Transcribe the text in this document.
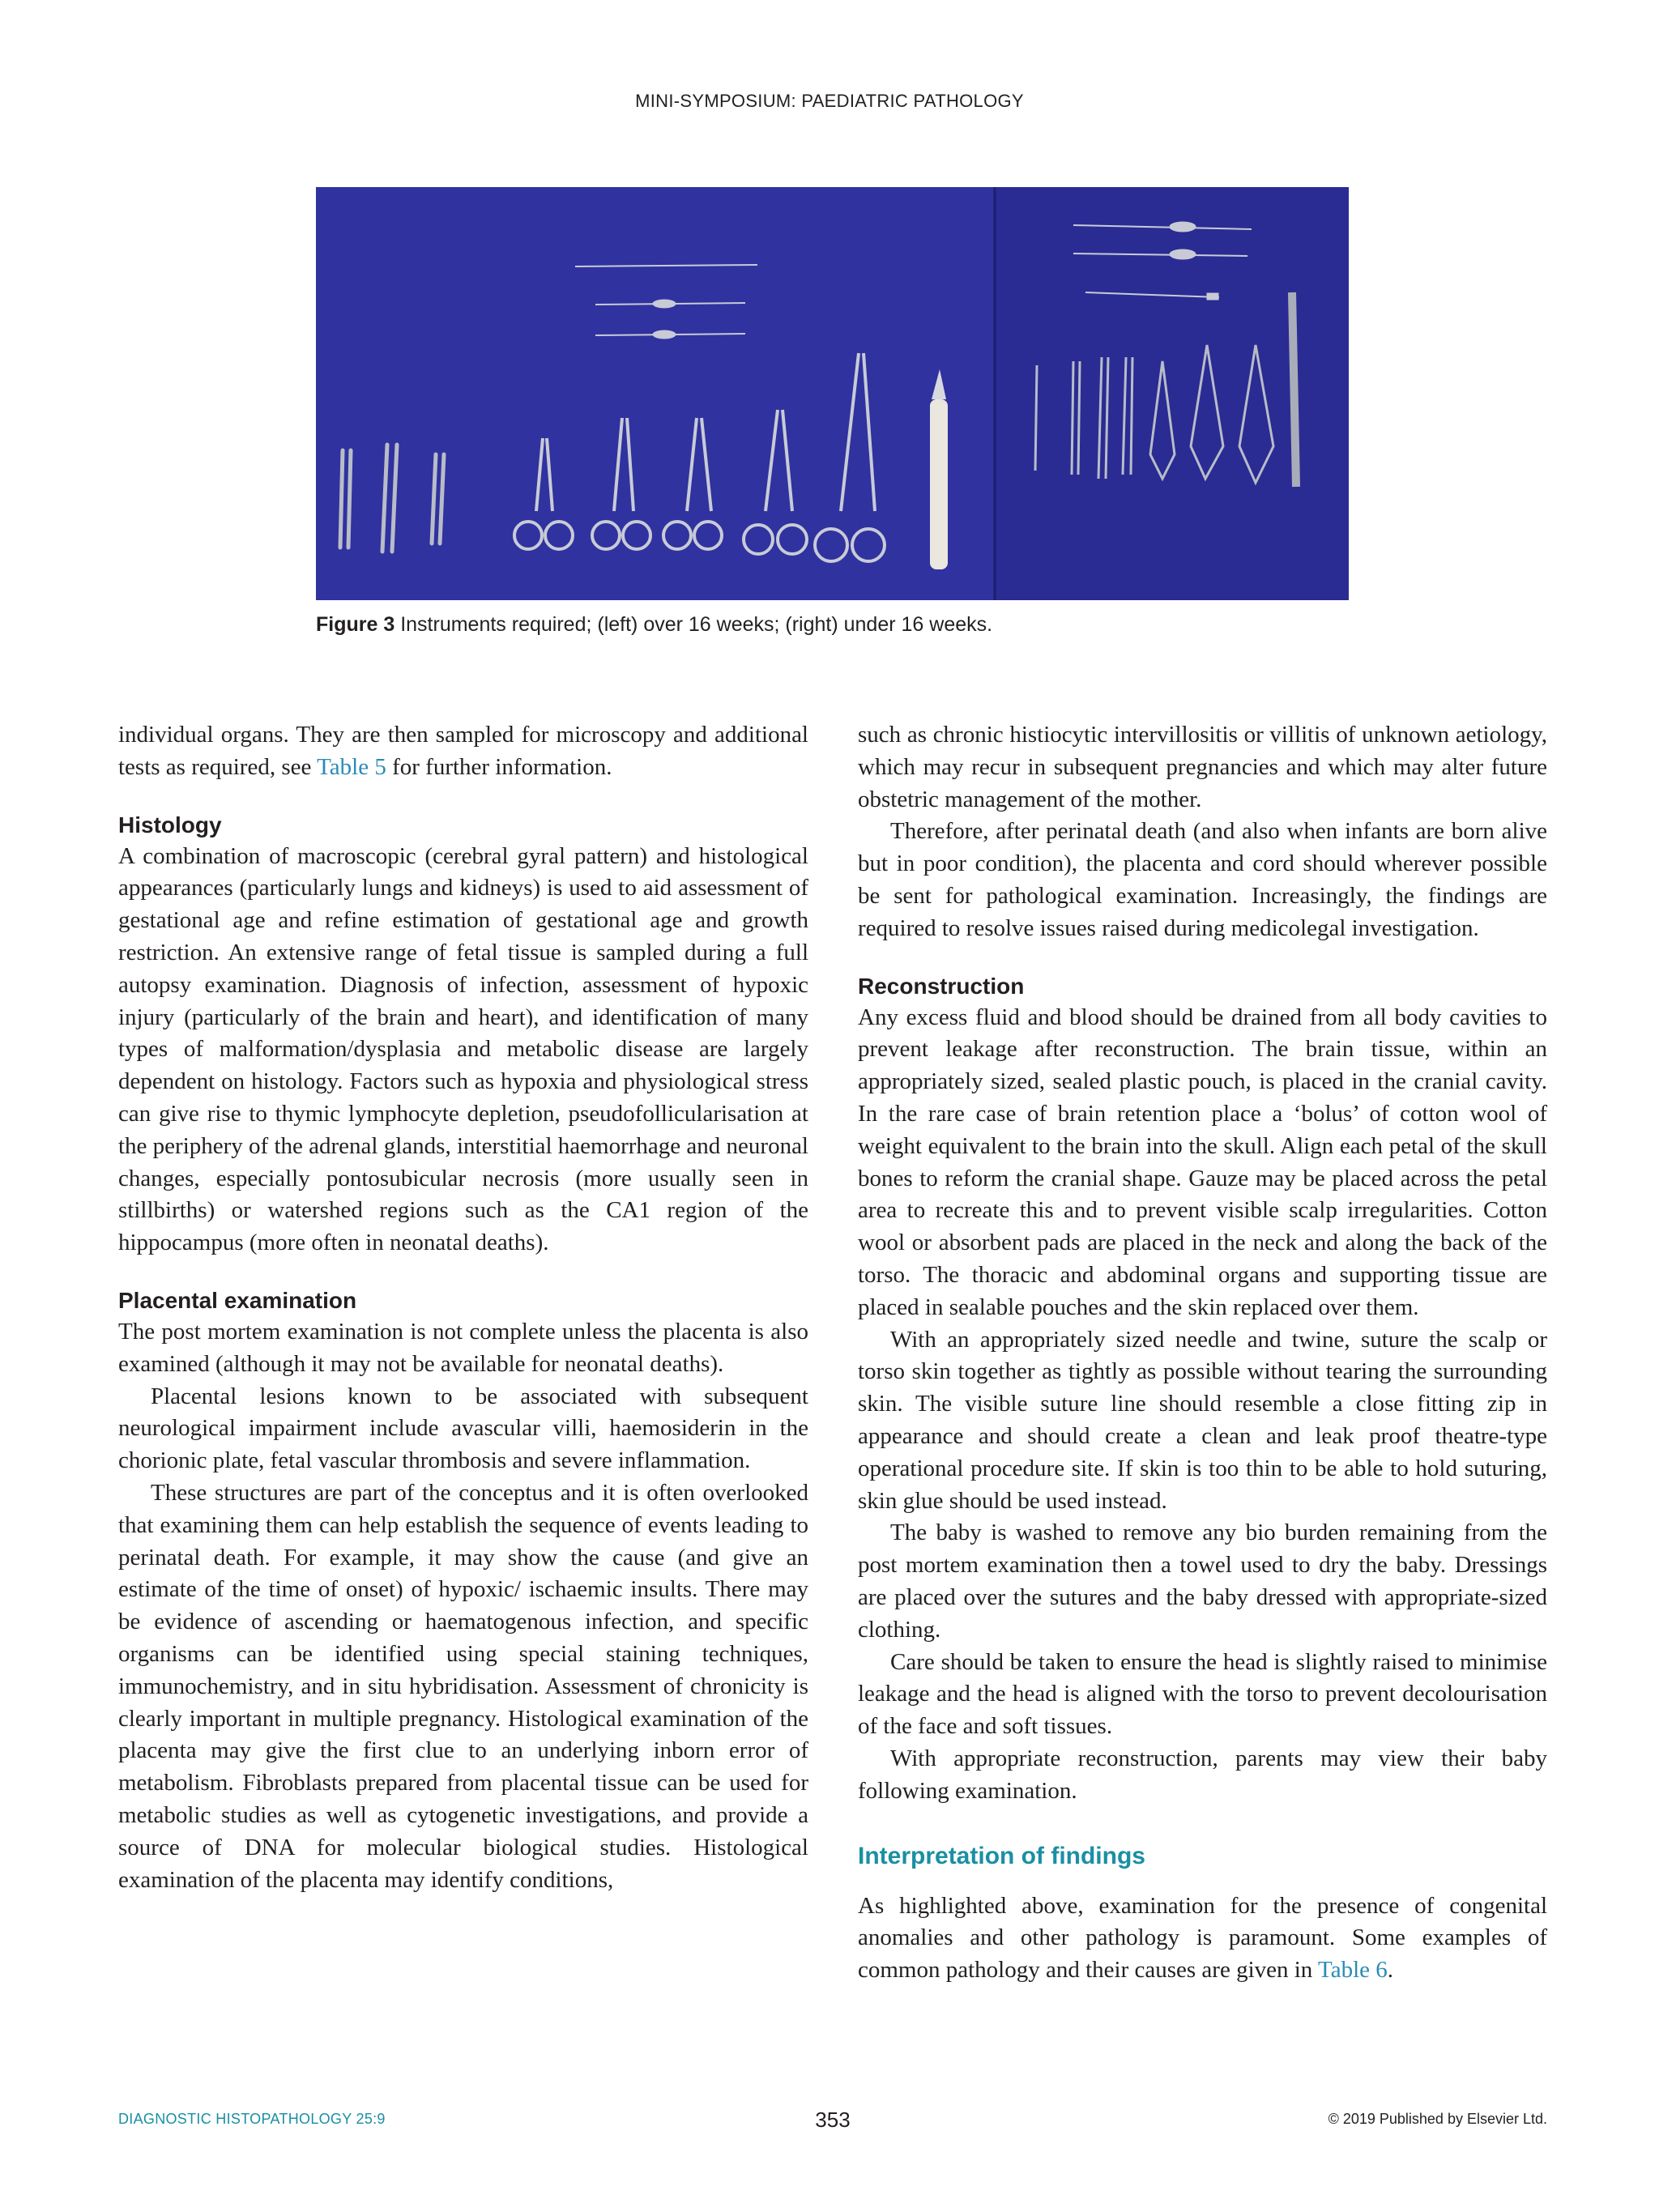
MINI-SYMPOSIUM: PAEDIATRIC PATHOLOGY
Figure 3 Instruments required; (left) over 16 weeks; (right) under 16 weeks.

individual organs. They are then sampled for microscopy and additional tests as required, see Table 5 for further information.

Histology

A combination of macroscopic (cerebral gyral pattern) and histological appearances (particularly lungs and kidneys) is used to aid assessment of gestational age and refine estimation of gestational age and growth restriction. An extensive range of fetal tissue is sampled during a full autopsy examination. Diagnosis of infection, assessment of hypoxic injury (particularly of the brain and heart), and identification of many types of malformation/dysplasia and metabolic disease are largely dependent on histology. Factors such as hypoxia and physiological stress can give rise to thymic lymphocyte depletion, pseudofollicularisation at the periphery of the adrenal glands, interstitial haemorrhage and neuronal changes, especially pontosubicular necrosis (more usually seen in stillbirths) or watershed regions such as the CA1 region of the hippocampus (more often in neonatal deaths).

Placental examination

The post mortem examination is not complete unless the placenta is also examined (although it may not be available for neonatal deaths).

Placental lesions known to be associated with subsequent neurological impairment include avascular villi, haemosiderin in the chorionic plate, fetal vascular thrombosis and severe inflammation.

These structures are part of the conceptus and it is often overlooked that examining them can help establish the sequence of events leading to perinatal death. For example, it may show the cause (and give an estimate of the time of onset) of hypoxic/ ischaemic insults. There may be evidence of ascending or haematogenous infection, and specific organisms can be identified using special staining techniques, immunochemistry, and in situ hybridisation. Assessment of chronicity is clearly important in multiple pregnancy. Histological examination of the placenta may give the first clue to an underlying inborn error of metabolism. Fibroblasts prepared from placental tissue can be used for metabolic studies as well as cytogenetic investigations, and provide a source of DNA for molecular biological studies. Histological examination of the placenta may identify conditions,

such as chronic histiocytic intervillositis or villitis of unknown aetiology, which may recur in subsequent pregnancies and which may alter future obstetric management of the mother.

Therefore, after perinatal death (and also when infants are born alive but in poor condition), the placenta and cord should wherever possible be sent for pathological examination. Increasingly, the findings are required to resolve issues raised during medicolegal investigation.

Reconstruction

Any excess fluid and blood should be drained from all body cavities to prevent leakage after reconstruction. The brain tissue, within an appropriately sized, sealed plastic pouch, is placed in the cranial cavity. In the rare case of brain retention place a ‘bolus’ of cotton wool of weight equivalent to the brain into the skull. Align each petal of the skull bones to reform the cranial shape. Gauze may be placed across the petal area to recreate this and to prevent visible scalp irregularities. Cotton wool or absorbent pads are placed in the neck and along the back of the torso. The thoracic and abdominal organs and supporting tissue are placed in sealable pouches and the skin replaced over them.

With an appropriately sized needle and twine, suture the scalp or torso skin together as tightly as possible without tearing the surrounding skin. The visible suture line should resemble a close fitting zip in appearance and should create a clean and leak proof theatre-type operational procedure site. If skin is too thin to be able to hold suturing, skin glue should be used instead.

The baby is washed to remove any bio burden remaining from the post mortem examination then a towel used to dry the baby. Dressings are placed over the sutures and the baby dressed with appropriate-sized clothing.

Care should be taken to ensure the head is slightly raised to minimise leakage and the head is aligned with the torso to prevent decolourisation of the face and soft tissues.

With appropriate reconstruction, parents may view their baby following examination.

Interpretation of findings

As highlighted above, examination for the presence of congenital anomalies and other pathology is paramount. Some examples of common pathology and their causes are given in Table 6.

DIAGNOSTIC HISTOPATHOLOGY 25:9	353	© 2019 Published by Elsevier Ltd.
